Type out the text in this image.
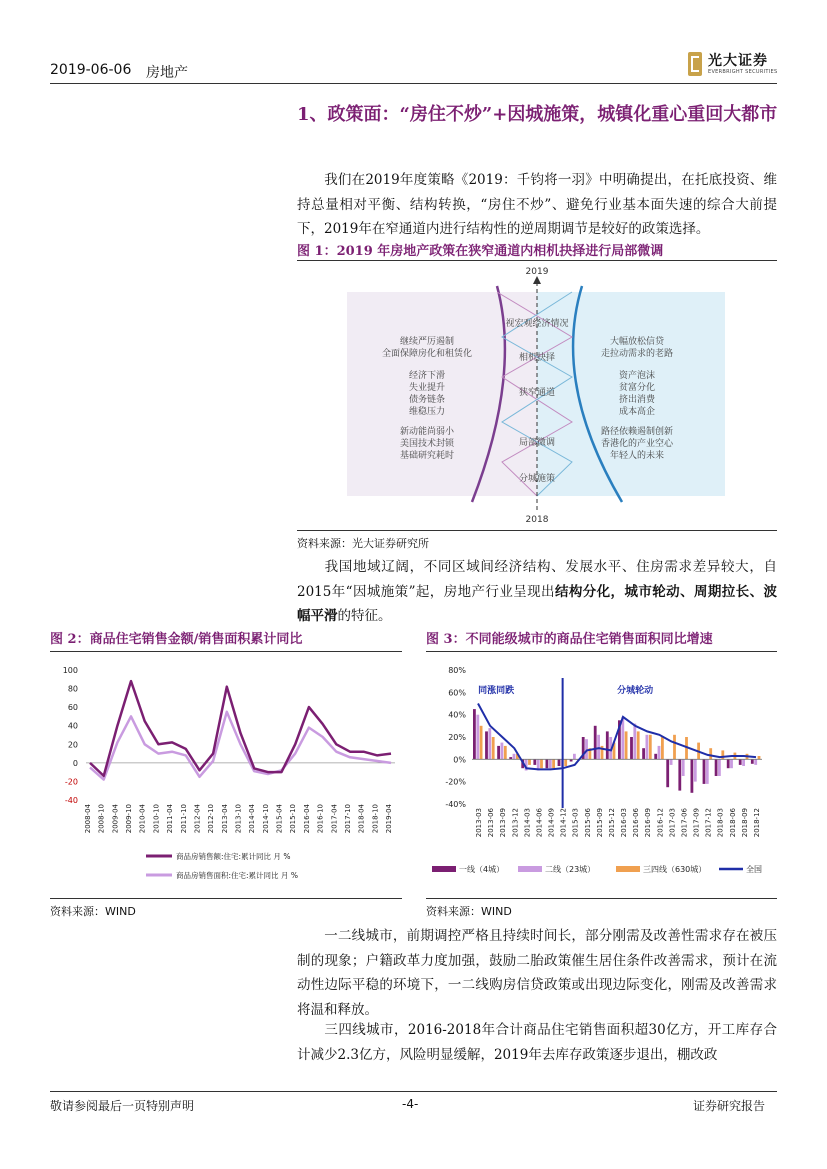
2019-06-06 房地产
光大证券
EVERBRIGHT SECURITIES
1、政策面：“房住不炒”+因城施策，城镇化重心重回大都市
  我们在2019年度策略《2019：千钧将一羽》中明确提出，在托底投资、维持总量相对平衡、结构转换，“房住不炒”、避免行业基本面失速的综合大前提下，2019年在窄通道内进行结构性的逆周期调节是较好的政策选择。
图 1：2019 年房地产政策在狭窄通道内相机抉择进行局部微调
2019
2018
视宏观经济情况
相机抉择
狭窄通道
局部微调
分城施策
继续严厉遏制
全面保障房化和租赁化
经济下滑
失业提升
债务链条
维稳压力
新动能尚弱小
美国技术封锁
基础研究耗时
大幅放松信贷
走拉动需求的老路
资产泡沫
贫富分化
挤出消费
成本高企
路径依赖遏制创新
香港化的产业空心
年轻人的未来
资料来源：光大证券研究所
  我国地域辽阔，不同区域间经济结构、发展水平、住房需求差异较大，自2015年“因城施策”起，房地产行业呈现出结构分化，城市轮动、周期拉长、波幅平滑的特征。
图 2：商品住宅销售金额/销售面积累计同比	图 3：不同能级城市的商品住宅销售面积同比增速
-40
-20
0
20
40
60
80
100
2008-04 2008-10 2009-04 2009-10 2010-04 2010-10 2011-04 2011-10 2012-04 2012-10 2013-04 2013-10 2014-04 2014-10 2015-04 2015-10 2016-04 2016-10 2017-04 2017-10 2018-04 2018-10 2019-04
商品房销售额:住宅:累计同比 月 %
商品房销售面积:住宅:累计同比 月 %
-40%
-20%
0%
20%
40%
60%
80%
同涨同跌	分城轮动
2013-03 2013-06 2013-09 2013-12 2014-03 2014-06 2014-09 2014-12 2015-03 2015-06 2015-09 2015-12 2016-03 2016-06 2016-09 2016-12 2017-03 2017-06 2017-09 2017-12 2018-03 2018-06 2018-09 2018-12
一线（4城）	二线（23城）	三四线（630城）	全国
资料来源：WIND	资料来源：WIND
  一二线城市，前期调控严格且持续时间长，部分刚需及改善性需求存在被压制的现象；户籍政革力度加强，鼓励二胎政策催生居住条件改善需求，预计在流动性边际平稳的环境下，一二线购房信贷政策或出现边际变化，刚需及改善需求将温和释放。
  三四线城市，2016-2018年合计商品住宅销售面积超30亿方，开工库存合计减少2.3亿方，风险明显缓解，2019年去库存政策逐步退出，棚改政
敬请参阅最后一页特别声明	-4-	证券研究报告
